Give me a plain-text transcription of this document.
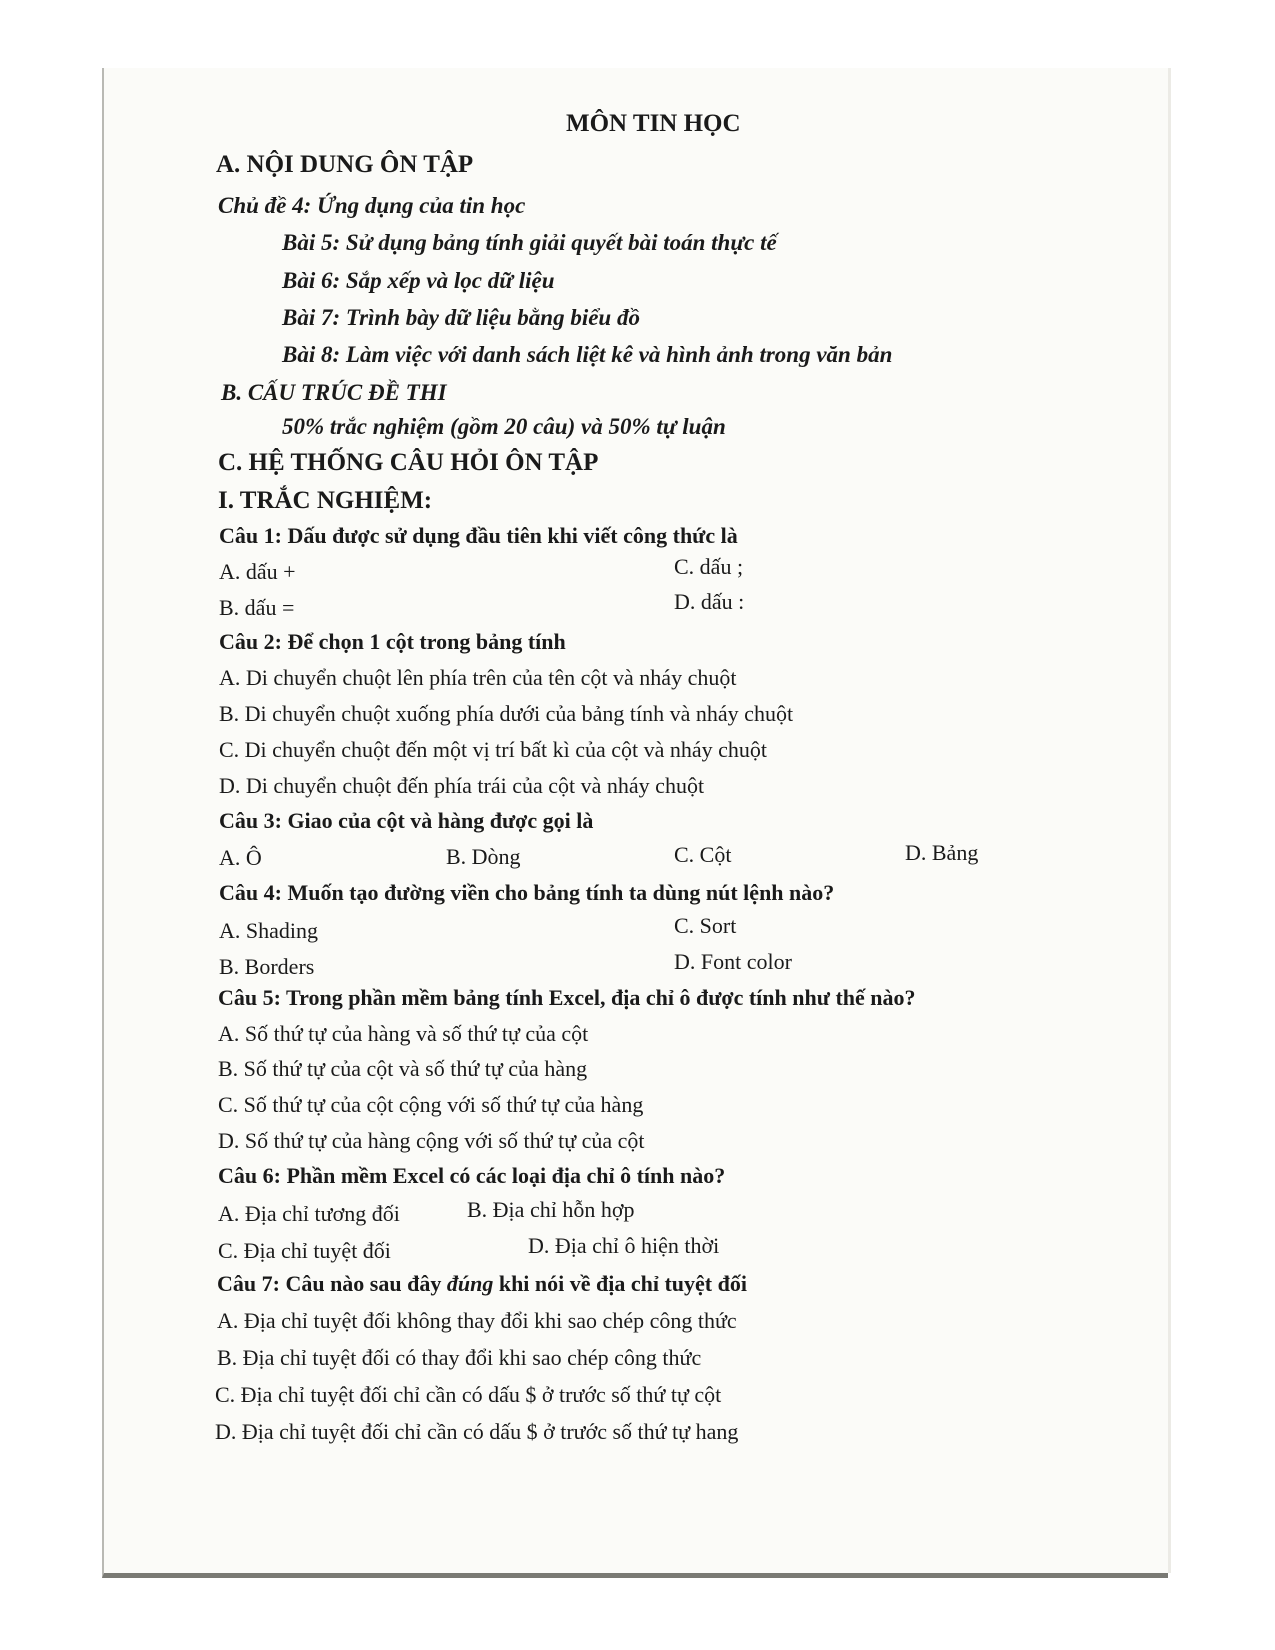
MÔN TIN HỌC
A. NỘI DUNG ÔN TẬP
Chủ đề 4: Ứng dụng của tin học
Bài 5: Sử dụng bảng tính giải quyết bài toán thực tế
Bài 6: Sắp xếp và lọc dữ liệu
Bài 7: Trình bày dữ liệu bằng biểu đồ
Bài 8: Làm việc với danh sách liệt kê và hình ảnh trong văn bản
B. CẤU TRÚC ĐỀ THI
50% trắc nghiệm (gồm 20 câu) và 50% tự luận
C. HỆ THỐNG CÂU HỎI ÔN TẬP
I. TRẮC NGHIỆM:
Câu 1: Dấu được sử dụng đầu tiên khi viết công thức là
A. dấu +	C. dấu ;
B. dấu =	D. dấu :
Câu 2: Để chọn 1 cột trong bảng tính
A. Di chuyển chuột lên phía trên của tên cột và nháy chuột
B. Di chuyển chuột xuống phía dưới của bảng tính và nháy chuột
C. Di chuyển chuột đến một vị trí bất kì của cột và nháy chuột
D. Di chuyển chuột đến phía trái của cột và nháy chuột
Câu 3: Giao của cột và hàng được gọi là
A. Ô	B. Dòng	C. Cột	D. Bảng
Câu 4: Muốn tạo đường viền cho bảng tính ta dùng nút lệnh nào?
A. Shading	C. Sort
B. Borders	D. Font color
Câu 5: Trong phần mềm bảng tính Excel, địa chỉ ô được tính như thế nào?
A. Số thứ tự của hàng và số thứ tự của cột
B. Số thứ tự của cột và số thứ tự của hàng
C. Số thứ tự của cột cộng với số thứ tự của hàng
D. Số thứ tự của hàng cộng với số thứ tự của cột
Câu 6: Phần mềm Excel có các loại địa chỉ ô tính nào?
A. Địa chỉ tương đối	B. Địa chỉ hỗn hợp
C. Địa chỉ tuyệt đối	D. Địa chỉ ô hiện thời
Câu 7: Câu nào sau đây đúng khi nói về địa chỉ tuyệt đối
A. Địa chỉ tuyệt đối không thay đổi khi sao chép công thức
B. Địa chỉ tuyệt đối có thay đổi khi sao chép công thức
C. Địa chỉ tuyệt đối chỉ cần có dấu $ ở trước số thứ tự cột
D. Địa chỉ tuyệt đối chỉ cần có dấu $ ở trước số thứ tự hang
